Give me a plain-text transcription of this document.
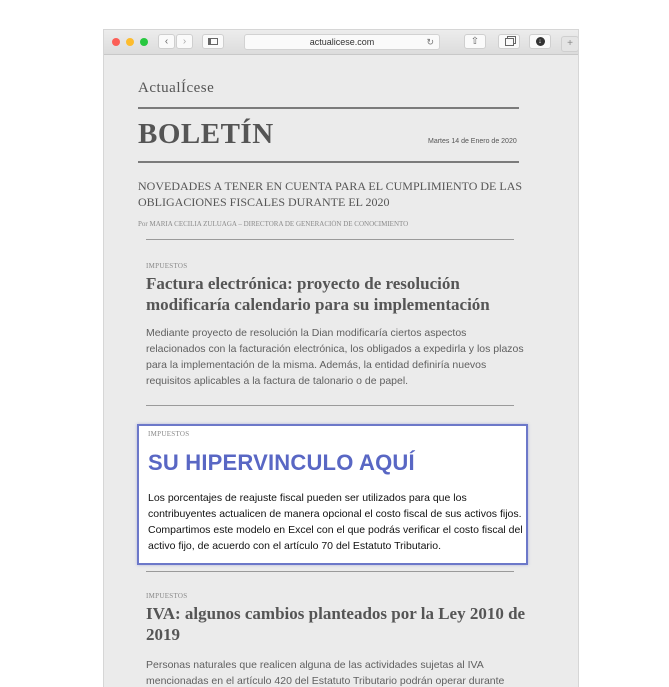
‹ ›	actualicese.com	↻	⇧	↓	+
ActualÍcese
BOLETÍN	Martes 14 de Enero de 2020
NOVEDADES A TENER EN CUENTA PARA EL CUMPLIMIENTO DE LAS OBLIGACIONES FISCALES DURANTE EL 2020
Por MARIA CECILIA ZULUAGA – DIRECTORA DE GENERACIÓN DE CONOCIMIENTO
IMPUESTOS
Factura electrónica: proyecto de resolución modificaría calendario para su implementación
Mediante proyecto de resolución la Dian modificaría ciertos aspectos relacionados con la facturación electrónica, los obligados a expedirla y los plazos para la implementación de la misma. Además, la entidad definiría nuevos requisitos aplicables a la factura de talonario o de papel.
IMPUESTOS
SU HIPERVINCULO AQUÍ
Los porcentajes de reajuste fiscal pueden ser utilizados para que los contribuyentes actualicen de manera opcional el costo fiscal de sus activos fijos. Compartimos este modelo en Excel con el que podrás verificar el costo fiscal del activo fijo, de acuerdo con el artículo 70 del Estatuto Tributario.
IMPUESTOS
IVA: algunos cambios planteados por la Ley 2010 de 2019
Personas naturales que realicen alguna de las actividades sujetas al IVA mencionadas en el artículo 420 del Estatuto Tributario podrán operar durante
